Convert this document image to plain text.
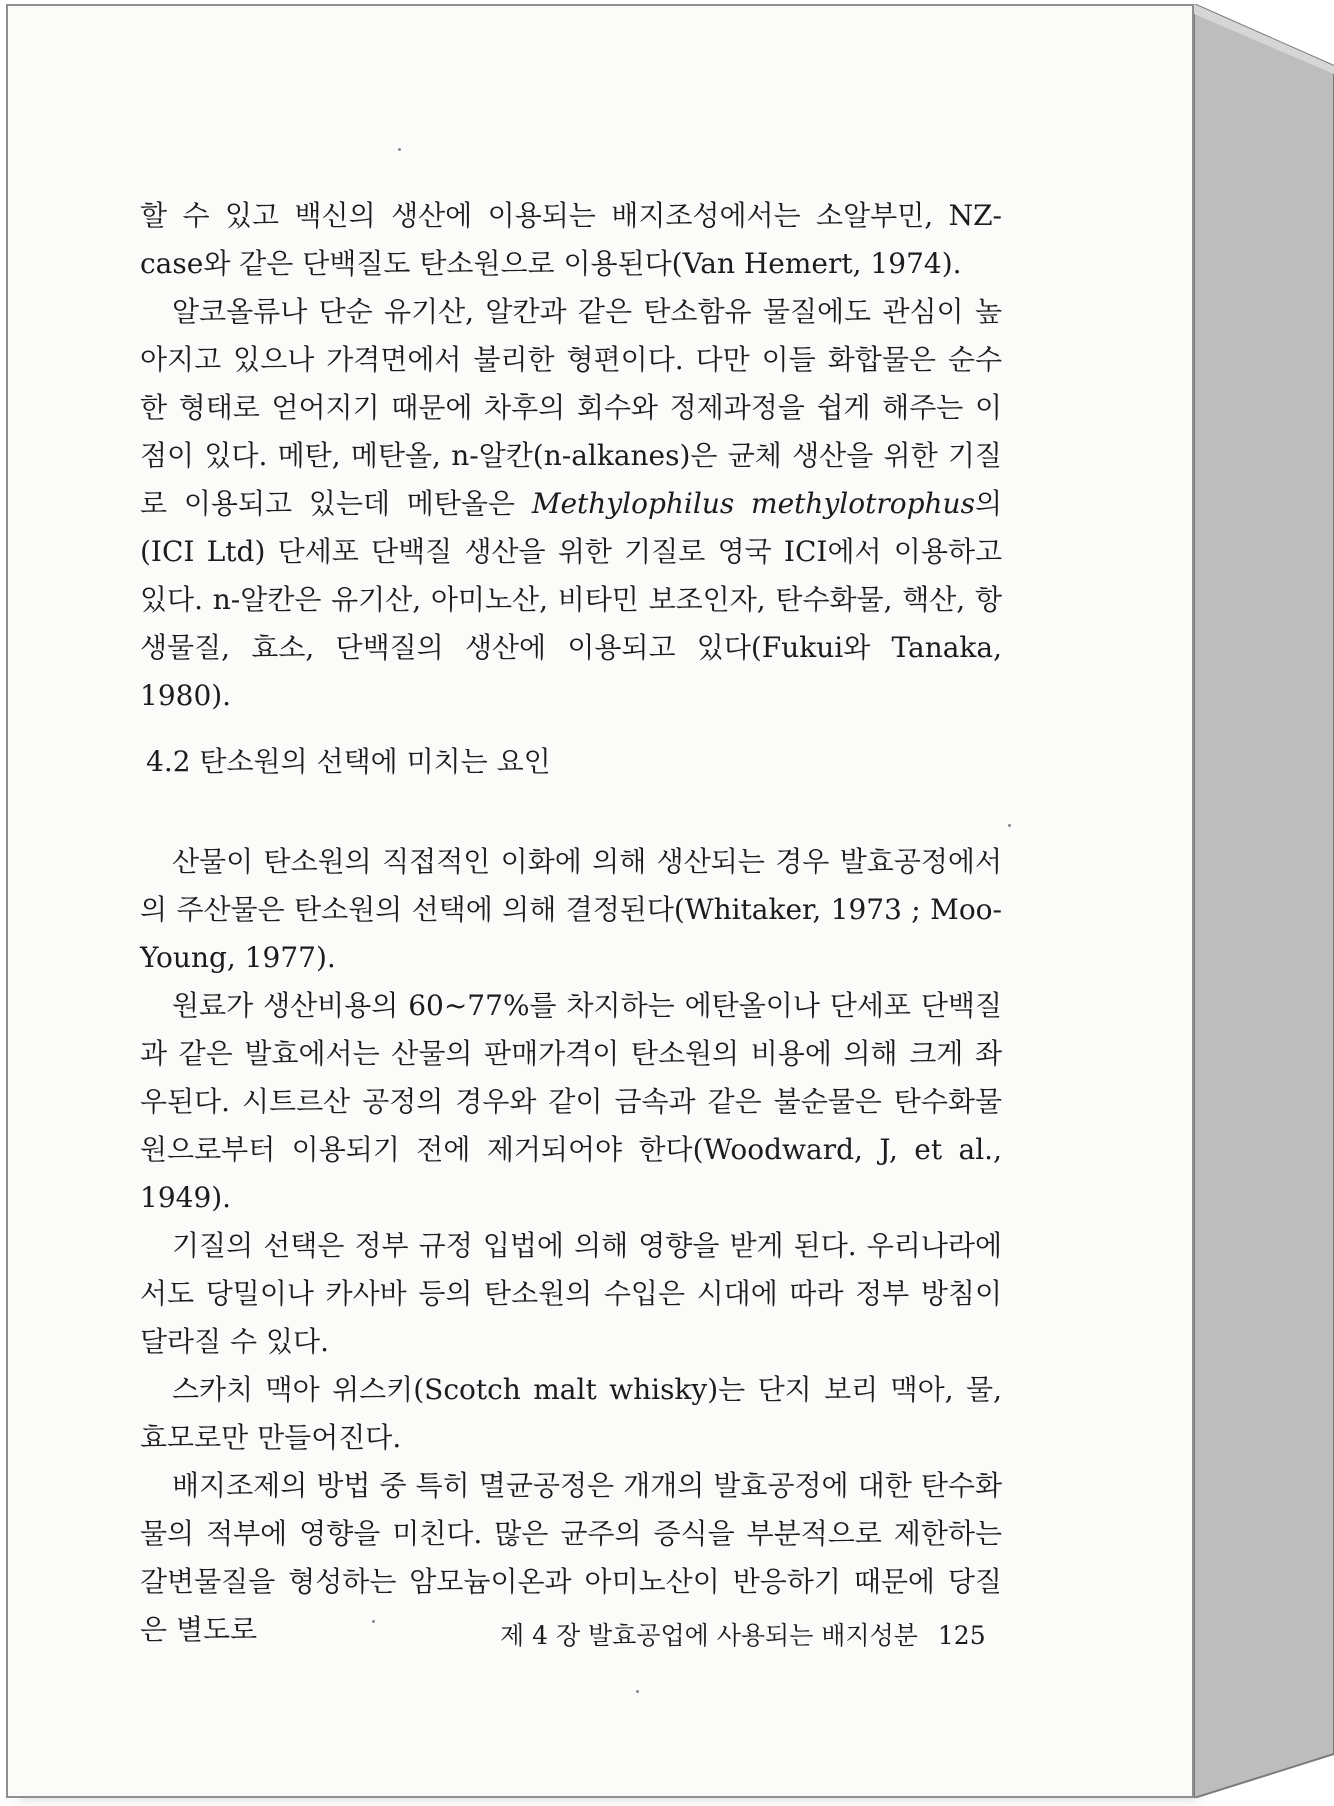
할 수 있고 백신의 생산에 이용되는 배지조성에서는 소알부민, NZ-case와 같은 단백질도 탄소원으로 이용된다(Van Hemert, 1974).

알코올류나 단순 유기산, 알칸과 같은 탄소함유 물질에도 관심이 높아지고 있으나 가격면에서 불리한 형편이다. 다만 이들 화합물은 순수한 형태로 얻어지기 때문에 차후의 회수와 정제과정을 쉽게 해주는 이점이 있다. 메탄, 메탄올, n-알칸(n-alkanes)은 균체 생산을 위한 기질로 이용되고 있는데 메탄올은 Methylophilus methylotrophus의(ICI Ltd) 단세포 단백질 생산을 위한 기질로 영국 ICI에서 이용하고 있다. n-알칸은 유기산, 아미노산, 비타민 보조인자, 탄수화물, 핵산, 항생물질, 효소, 단백질의 생산에 이용되고 있다(Fukui와 Tanaka, 1980).

4.2 탄소원의 선택에 미치는 요인

산물이 탄소원의 직접적인 이화에 의해 생산되는 경우 발효공정에서의 주산물은 탄소원의 선택에 의해 결정된다(Whitaker, 1973 ; Moo-Young, 1977).

원료가 생산비용의 60~77%를 차지하는 에탄올이나 단세포 단백질과 같은 발효에서는 산물의 판매가격이 탄소원의 비용에 의해 크게 좌우된다. 시트르산 공정의 경우와 같이 금속과 같은 불순물은 탄수화물원으로부터 이용되기 전에 제거되어야 한다(Woodward, J, et al., 1949).

기질의 선택은 정부 규정 입법에 의해 영향을 받게 된다. 우리나라에서도 당밀이나 카사바 등의 탄소원의 수입은 시대에 따라 정부 방침이 달라질 수 있다.

스카치 맥아 위스키(Scotch malt whisky)는 단지 보리 맥아, 물, 효모로만 만들어진다.

배지조제의 방법 중 특히 멸균공정은 개개의 발효공정에 대한 탄수화물의 적부에 영향을 미친다. 많은 균주의 증식을 부분적으로 제한하는 갈변물질을 형성하는 암모늄이온과 아미노산이 반응하기 때문에 당질은 별도로	제 4 장 발효공업에 사용되는 배지성분 125
